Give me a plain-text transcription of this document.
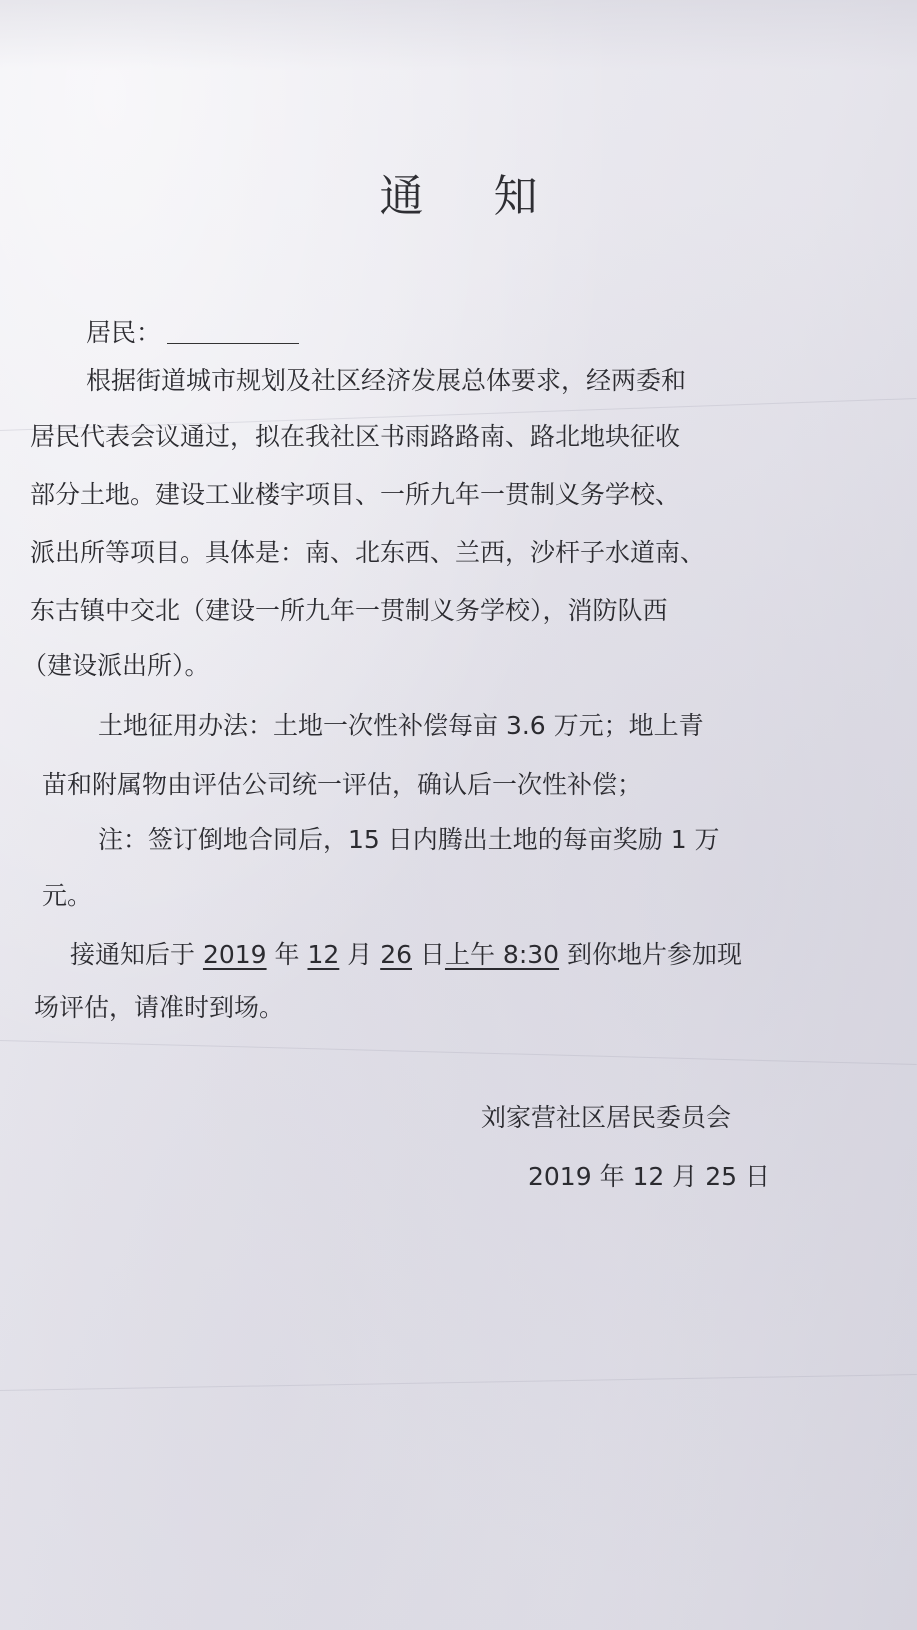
通知
居民：
根据街道城市规划及社区经济发展总体要求，经两委和
居民代表会议通过，拟在我社区书雨路路南、路北地块征收
部分土地。建设工业楼宇项目、一所九年一贯制义务学校、
派出所等项目。具体是：南、北东西、兰西，沙杆子水道南、
东古镇中交北（建设一所九年一贯制义务学校），消防队西
（建设派出所）。
土地征用办法：土地一次性补偿每亩 3.6 万元；地上青
苗和附属物由评估公司统一评估，确认后一次性补偿；
注：签订倒地合同后，15 日内腾出土地的每亩奖励 1 万
元。
接通知后于 2019 年 12 月 26 日上午 8:30 到你地片参加现
场评估，请准时到场。
刘家营社区居民委员会
2019 年 12 月 25 日
